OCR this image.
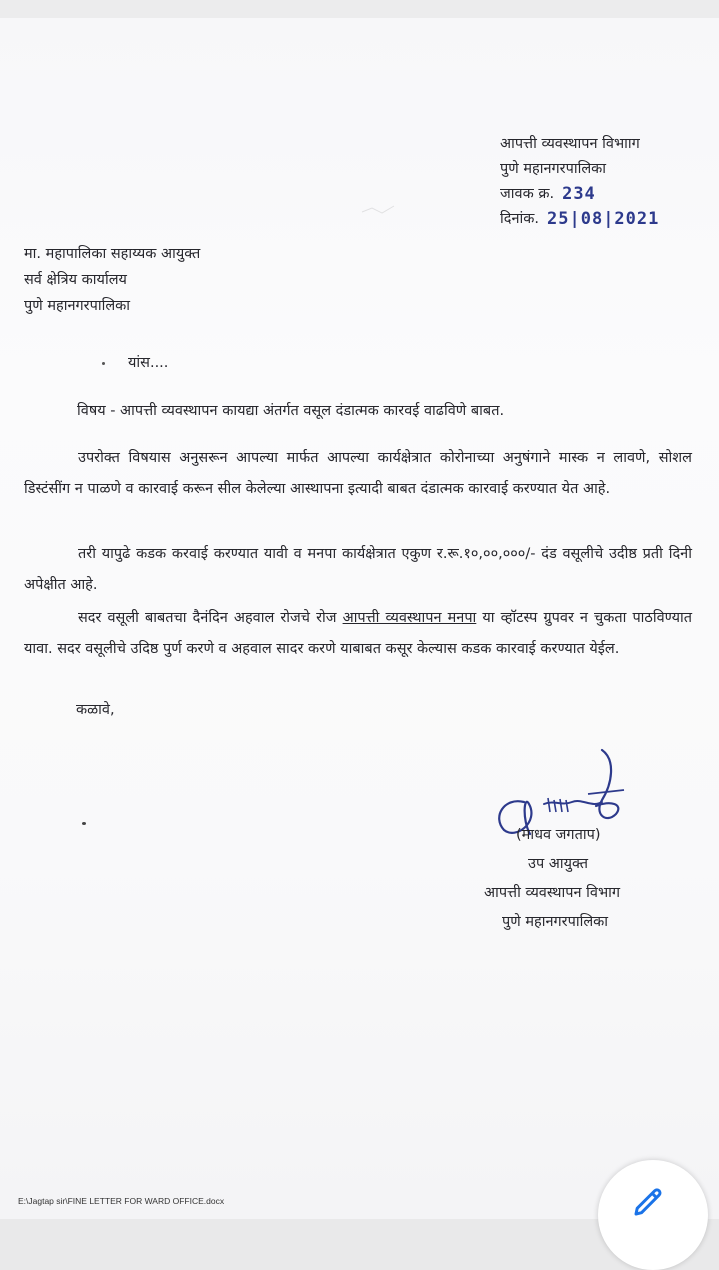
आपत्ती व्यवस्थापन विभााग
पुणे महानगरपालिका
जावक क्र. 234
दिनांक. 25|08|2021
मा. महापालिका सहाय्यक आयुक्त
सर्व क्षेत्रिय कार्यालय
पुणे महानगरपालिका
यांस....
विषय - आपत्ती व्यवस्थापन कायद्या अंतर्गत वसूल दंडात्मक कारवई वाढविणे बाबत.
उपरोक्त विषयास अनुसरून आपल्या मार्फत आपल्या कार्यक्षेत्रात कोरोनाच्या अनुषंगाने मास्क न लावणे, सोशल डिस्टंसींग न पाळणे व कारवाई करून सील केलेल्या आस्थापना इत्यादी बाबत दंडात्मक कारवाई करण्यात येत आहे.
तरी यापुढे कडक करवाई करण्यात यावी व मनपा कार्यक्षेत्रात एकुण र.रू.१०,००,०००/- दंड वसूलीचे उदीष्ठ प्रती दिनी अपेक्षीत आहे.
सदर वसूली बाबतचा दैनंदिन अहवाल रोजचे रोज आपत्ती व्यवस्थापन मनपा या व्हॉटस्प ग्रुपवर न चुकता पाठविण्यात यावा. सदर वसूलीचे उदिष्ठ पुर्ण करणे व अहवाल सादर करणे याबाबत कसूर केल्यास कडक कारवाई करण्यात येईल.
कळावे,
(माधव जगताप)
उप आयुक्त
आपत्ती व्यवस्थापन विभाग
पुणे महानगरपालिका
E:\Jagtap sir\FINE LETTER FOR WARD OFFICE.docx
